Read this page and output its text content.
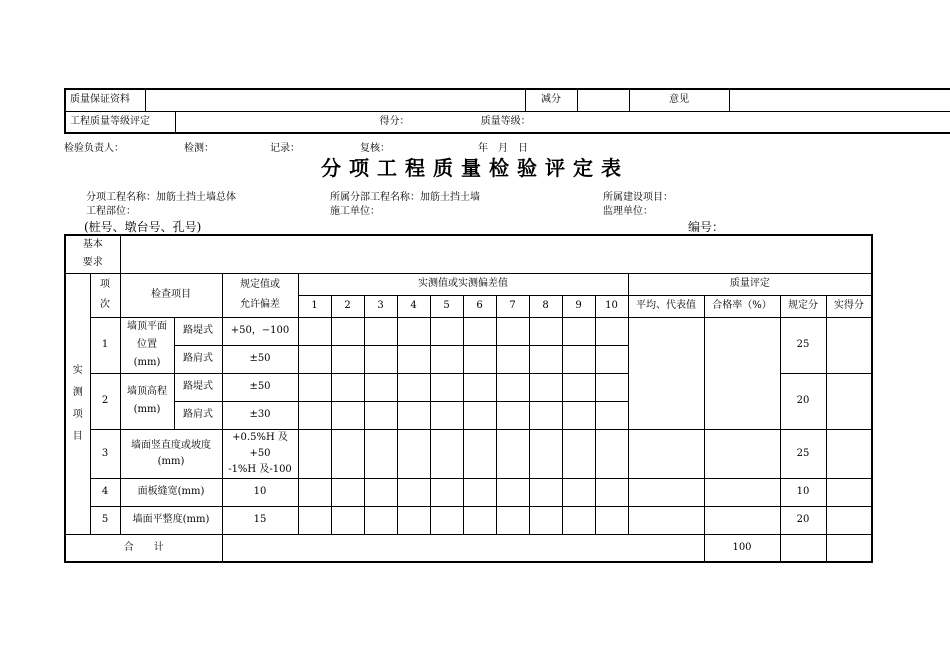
质量保证资料			减分		意见	
工程质量等级评定		得分： 质量等级：				
检验负责人：	检测：	记录：	复核：	年　月　日
分项工程质量检验评定表
分项工程名称：加筋土挡土墙总体	所属分部工程名称：加筋土挡土墙	所属建设项目：
工程部位：	施工单位：	监理单位：
(桩号、墩台号、孔号)	编号：
基本要求																		
实测项目	项次	检查项目		规定值或允许偏差	实测值或实测偏差值										质量评定			
					1	2	3	4	5	6	7	8	9	10	平均、代表值	合格率（%）	规定分	实得分
	1	墙顶平面位置(mm)	路堤式	+50，−100													25	
			路肩式	±50														
	2	墙顶高程(mm)	路堤式	±50													20	
			路肩式	±30														
	3	墙面竖直度或坡度(mm)		+0.5%H 及+50
-1%H 及-100													25	
	4	面板缝宽(mm)		10													10	
	5	墙面平整度(mm)		15													20	
合　　计																100		
